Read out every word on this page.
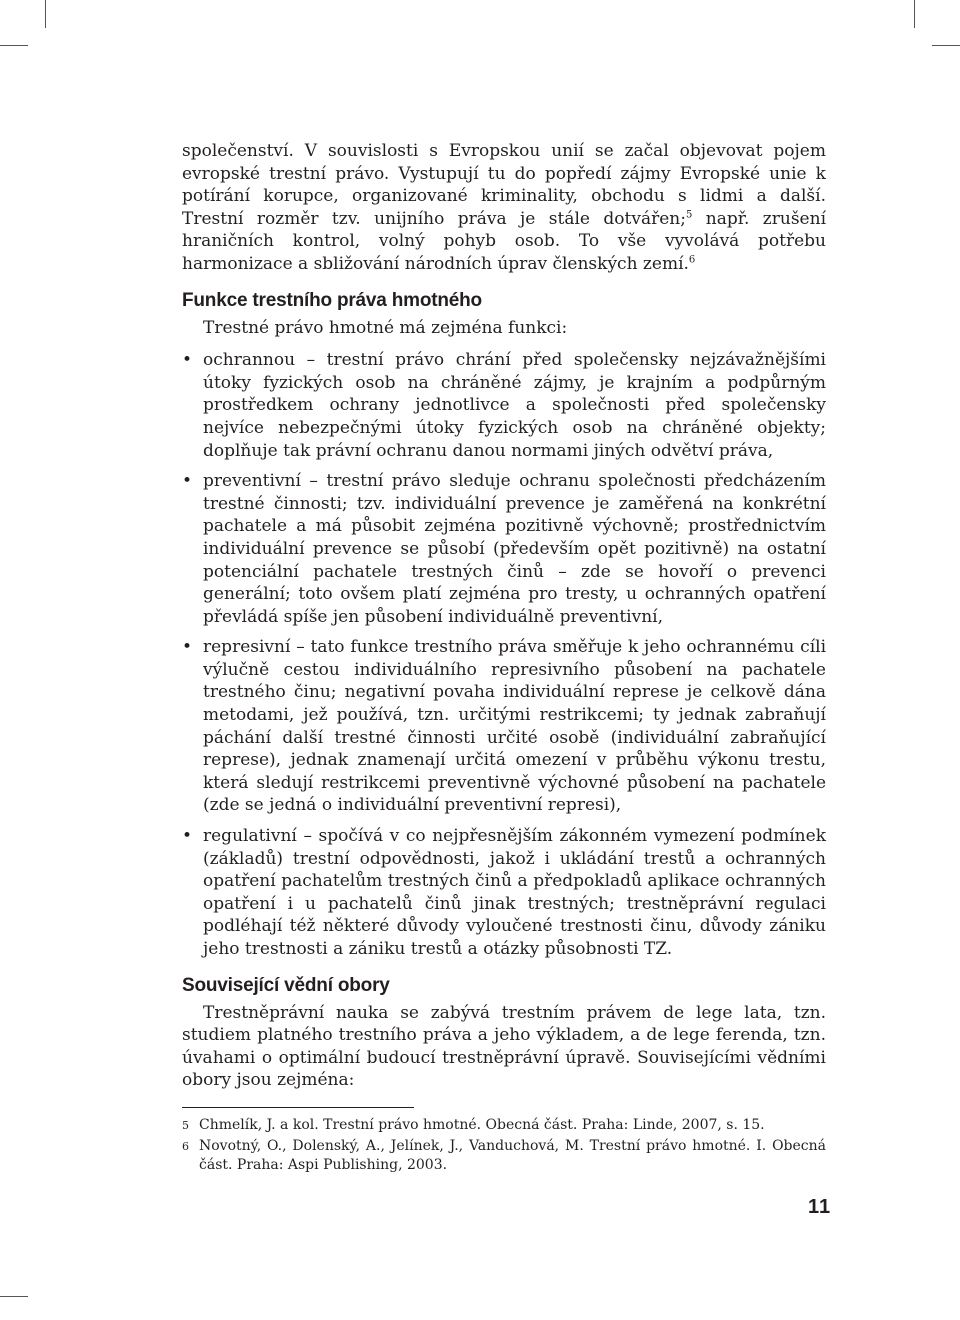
společenství. V souvislosti s Evropskou unií se začal objevovat pojem evropské trestní právo. Vystupují tu do popředí zájmy Evropské unie k potírání korupce, organizované kriminality, obchodu s lidmi a další. Trestní rozměr tzv. unijního práva je stále dotvářen;$^5$ např. zrušení hraničních kontrol, volný pohyb osob. To vše vyvolává potřebu harmonizace a sbližování národních úprav členských zemí.$^6$

Funkce trestního práva hmotného

Trestné právo hmotné má zejména funkci:

• ochrannou – trestní právo chrání před společensky nejzávažnějšími útoky fyzických osob na chráněné zájmy, je krajním a podpůrným prostředkem ochrany jednotlivce a společnosti před společensky nejvíce nebezpečnými útoky fyzických osob na chráněné objekty; doplňuje tak právní ochranu danou normami jiných odvětví práva,
• preventivní – trestní právo sleduje ochranu společnosti předcházením trestné činnosti; tzv. individuální prevence je zaměřená na konkrétní pachatele a má působit zejména pozitivně výchovně; prostřednictvím individuální prevence se působí (především opět pozitivně) na ostatní potenciální pachatele trestných činů – zde se hovoří o prevenci generální; toto ovšem platí zejména pro tresty, u ochranných opatření převládá spíše jen působení individuálně preventivní,
• represivní – tato funkce trestního práva směřuje k jeho ochrannému cíli výlučně cestou individuálního represivního působení na pachatele trestného činu; negativní povaha individuální represe je celkově dána metodami, jež používá, tzn. určitými restrikcemi; ty jednak zabraňují páchání další trestné činnosti určité osobě (individuální zabraňující represe), jednak znamenají určitá omezení v průběhu výkonu trestu, která sledují restrikcemi preventivně výchovné působení na pachatele (zde se jedná o individuální preventivní represi),
• regulativní – spočívá v co nejpřesnějším zákonném vymezení podmínek (základů) trestní odpovědnosti, jakož i ukládání trestů a ochranných opatření pachatelům trestných činů a předpokladů aplikace ochranných opatření i u pachatelů činů jinak trestných; trestněprávní regulaci podléhají též některé důvody vyloučené trestnosti činu, důvody zániku jeho trestnosti a zániku trestů a otázky působnosti TZ.
Související vědní obory

Trestněprávní nauka se zabývá trestním právem de lege lata, tzn. studiem platného trestního práva a jeho výkladem, a de lege ferenda, tzn. úvahami o optimální budoucí trestněprávní úpravě. Souvisejícími vědními obory jsou zejména:

5 Chmelík, J. a kol. Trestní právo hmotné. Obecná část. Praha: Linde, 2007, s. 15.

6 Novotný, O., Dolenský, A., Jelínek, J., Vanduchová, M. Trestní právo hmotné. I. Obecná část. Praha: Aspi Publishing, 2003.

11
